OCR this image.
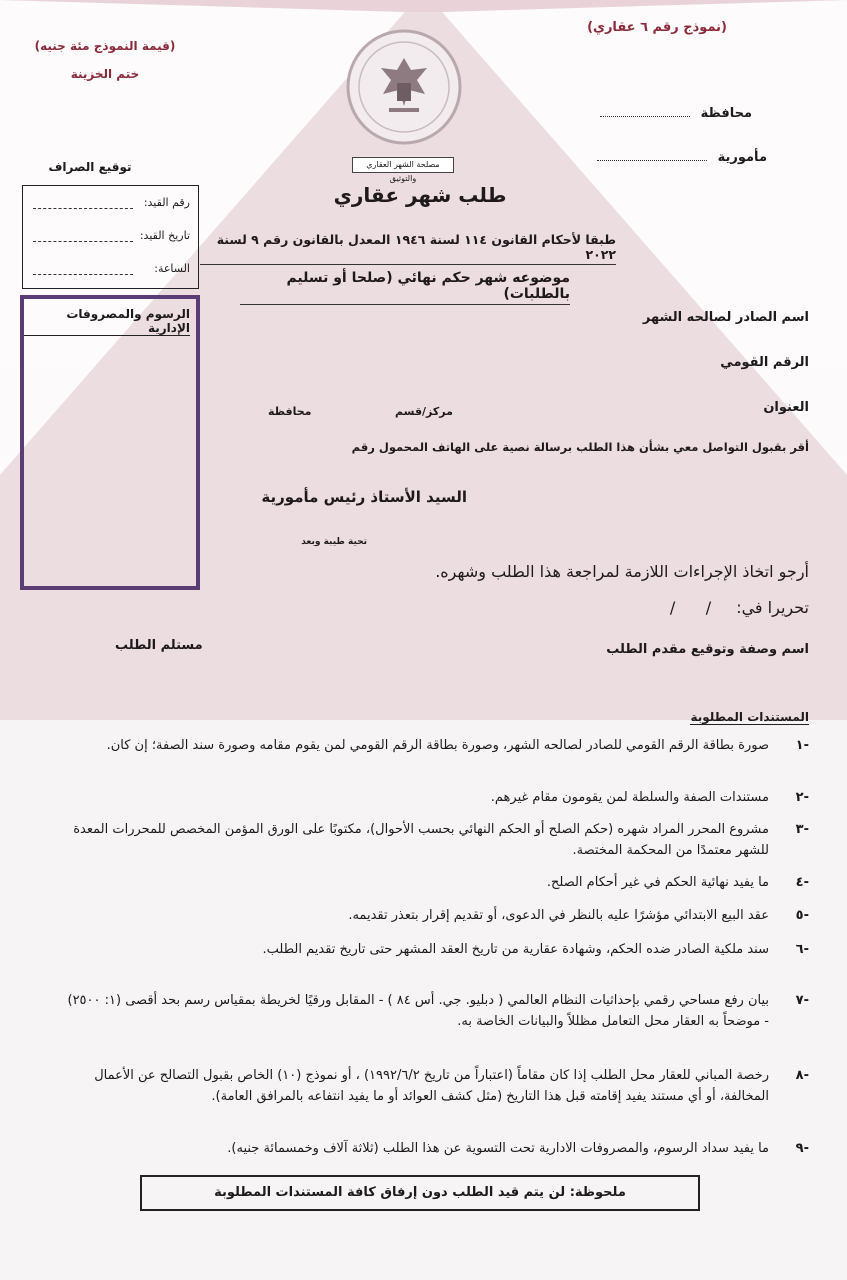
(نموذج رقم ٦ عقاري)
(قيمة النموذج مئة جنيه)
ختم الخزينة
محافظة
مأمورية
مصلحة الشهر العقاري والتوثيق
طلب شهر عقاري
طبقا لأحكام القانون ١١٤ لسنة ١٩٤٦ المعدل بالقانون رقم ٩ لسنة ٢٠٢٢
موضوعه شهر حكم نهائي (صلحا أو تسليم بالطلبات)
توقيع الصراف
رقم القيد:
تاريخ القيد:
الساعة:
الرسوم والمصروفات الإدارية
اسم الصادر لصالحه الشهر
الرقم القومي
العنوان
مركز/قسم
محافظة
أقر بقبول التواصل معي بشأن هذا الطلب برسالة نصية على الهاتف المحمول رقم
السيد الأستاذ رئيس مأمورية
تحية طيبة وبعد
أرجو اتخاذ الإجراءات اللازمة لمراجعة هذا الطلب وشهره.
تحريرا في: /      /
اسم وصفة وتوقيع مقدم الطلب
مستلم الطلب
المستندات المطلوبة
-١
صورة بطاقة الرقم القومي للصادر لصالحه الشهر، وصورة بطاقة الرقم القومي لمن يقوم مقامه وصورة سند الصفة؛ إن كان.
-٢
مستندات الصفة والسلطة لمن يقومون مقام غيرهم.
-٣
مشروع المحرر المراد شهره (حكم الصلح أو الحكم النهائي بحسب الأحوال)، مكتوبًا على الورق المؤمن المخصص للمحررات المعدة للشهر معتمدًا من المحكمة المختصة.
-٤
ما يفيد نهائية الحكم في غير أحكام الصلح.
-٥
عقد البيع الابتدائي مؤشرًا عليه بالنظر في الدعوى، أو تقديم إقرار بتعذر تقديمه.
-٦
سند ملكية الصادر ضده الحكم، وشهادة عقارية من تاريخ العقد المشهر حتى تاريخ تقديم الطلب.
-٧
بيان رفع مساحي رقمي بإحداثيات النظام العالمي ( دبليو. جي. أس ٨٤ ) - المقابل ورقيًا لخريطة بمقياس رسم بحد أقصى (١: ٢٥٠٠) - موضحاً به العقار محل التعامل مظللاً والبيانات الخاصة به.
-٨
رخصة المباني للعقار محل الطلب إذا كان مقاماً (اعتباراً من تاريخ ١٩٩٢/٦/٢) ، أو نموذج (١٠) الخاص بقبول التصالح عن الأعمال المخالفة، أو أي مستند يفيد إقامته قبل هذا التاريخ (مثل كشف العوائد أو ما يفيد انتفاعه بالمرافق العامة).
-٩
ما يفيد سداد الرسوم، والمصروفات الادارية تحت التسوية عن هذا الطلب (ثلاثة آلاف وخمسمائة جنيه).
ملحوظة: لن يتم قيد الطلب دون إرفاق كافة المستندات المطلوبة
